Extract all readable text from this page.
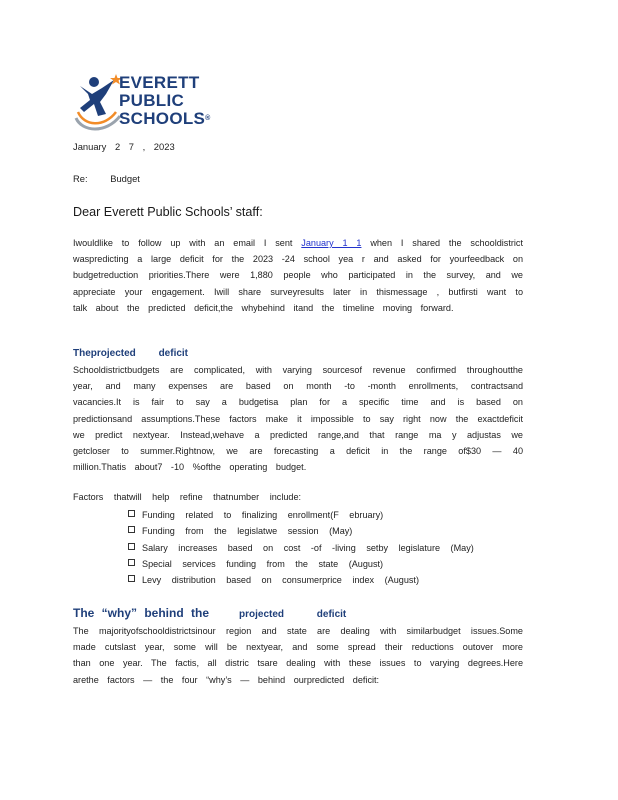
EVERETT
PUBLIC
SCHOOLS®
January 2 7 , 2023
Re: Budget
Dear Everett Public Schools’ staff:
Iwouldlike to follow up with an email I sent January 1 1 when I shared the schooldistrict waspredicting a large deficit for the 2023 -24 school yea r and asked for yourfeedback on budgetreduction priorities.There were 1,880 people who participated in the survey, and we appreciate your engagement. Iwill share surveyresults later in thismessage , butfirsti want to talk about the predicted deficit,the whybehind itand the timeline moving forward.
Theprojected deficit
Schooldistrictbudgets are complicated, with varying sourcesof revenue confirmed throughoutthe year, and many expenses are based on month -to -month enrollments, contractsand vacancies.It is fair to say a budgetisa plan for a specific time and is based on predictionsand assumptions.These factors make it impossible to say right now the exactdeficit we predict nextyear. Instead,wehave a predicted range,and that range ma y adjustas we getcloser to summer.Rightnow, we are forecasting a deficit in the range of$30 — 40 million.Thatis about7 -10 %ofthe operating budget.
Factors thatwill help refine thatnumber include:
Funding related to finalizing enrollment(F ebruary)
Funding from the legislatwe session (May)
Salary increases based on cost -of -living setby legislature (May)
Special services funding from the state (August)
Levy distribution based on consumerprice index (August)
The “why” behind the	projected deficit
The majorityofschooldistrictsinour region and state are dealing with similarbudget issues.Some made cutslast year, some will be nextyear, and some spread their reductions outover more than one year. The factis, all distric tsare dealing with these issues to varying degrees.Here arethe factors — the four “why’s — behind ourpredicted deficit:
